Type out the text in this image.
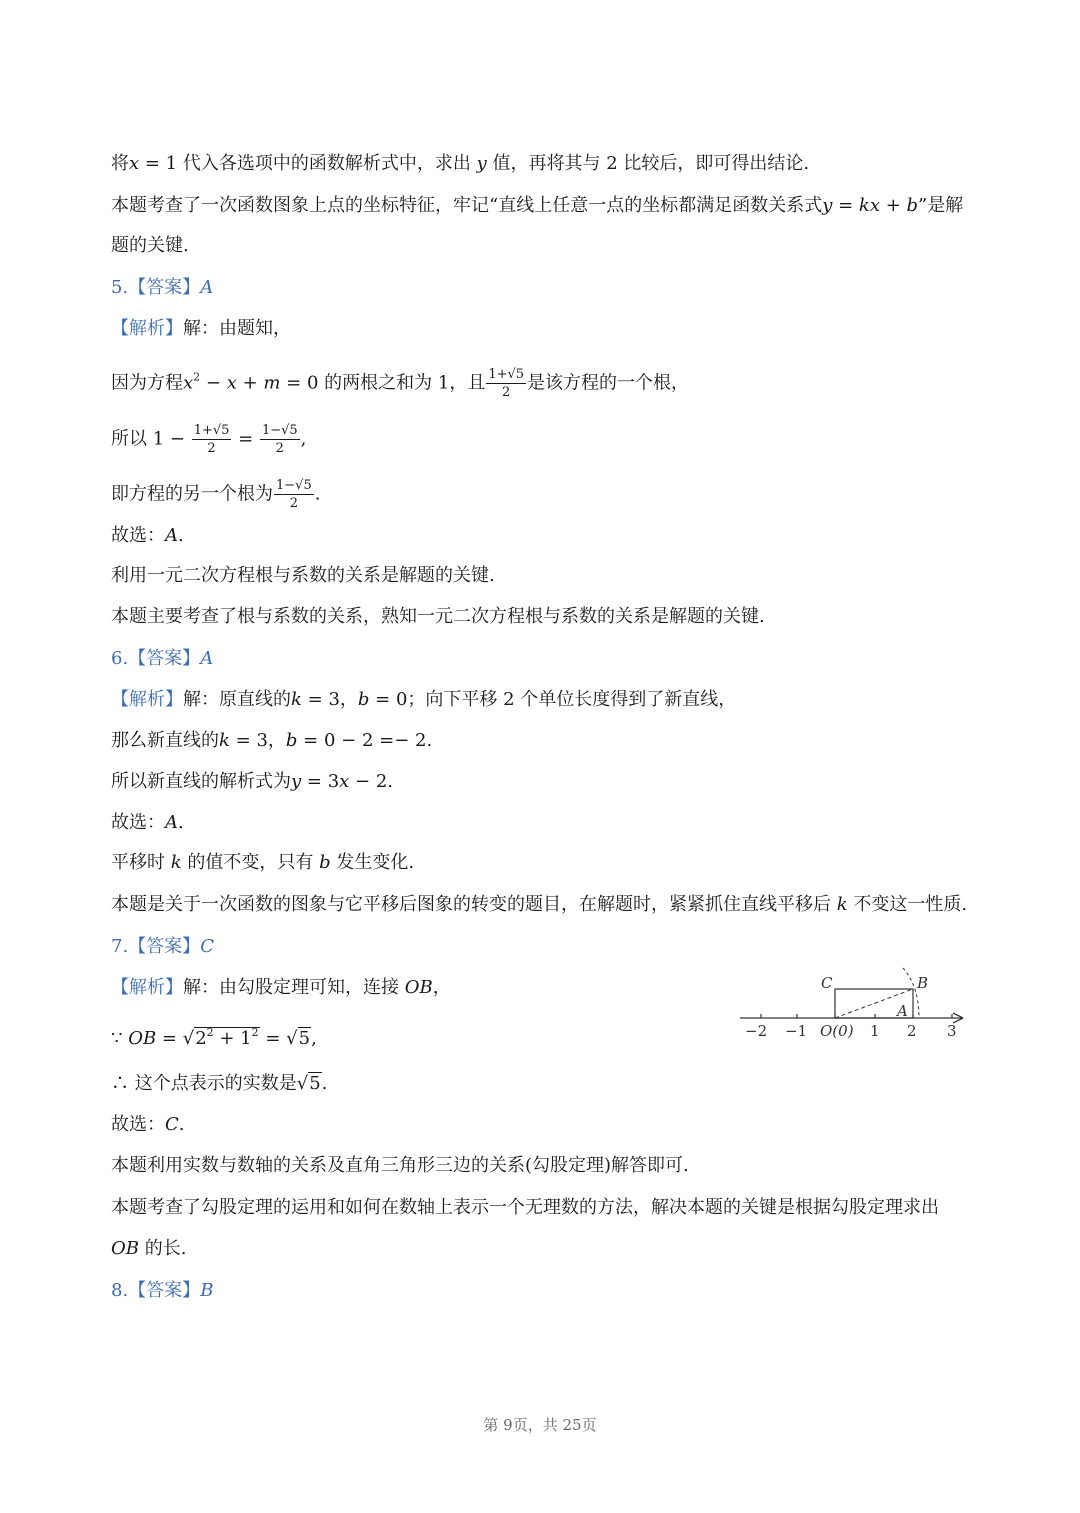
将x = 1 代入各选项中的函数解析式中，求出 y 值，再将其与 2 比较后，即可得出结论.
本题考查了一次函数图象上点的坐标特征，牢记“直线上任意一点的坐标都满足函数关系式y = kx + b”是解
题的关键.
5.【答案】A
【解析】解：由题知，
因为方程$x^2 - x + m = 0$ 的两根之和为 1，且 $\frac{1+√5}{2}$ 是该方程的一个根，
所以 $1 - \frac{1+√5}{2} = \frac{1-√5}{2}$ ,
即方程的另一个根为 $\frac{1-√5}{2}$ .
故选：A.
利用一元二次方程根与系数的关系是解题的关键.
本题主要考查了根与系数的关系，熟知一元二次方程根与系数的关系是解题的关键.
6.【答案】A
【解析】解：原直线的k = 3，b = 0；向下平移 2 个单位长度得到了新直线，
那么新直线的k = 3，b = 0 − 2 =− 2.
所以新直线的解析式为y = 3x − 2.
故选：A.
平移时 k 的值不变，只有 b 发生变化.
本题是关于一次函数的图象与它平移后图象的转变的题目，在解题时，紧紧抓住直线平移后 k 不变这一性质.
7.【答案】C
【解析】解：由勾股定理可知，连接 OB，
∵ OB = $√2^2 + 1^2 = √5$,
∴ 这个点表示的实数是√5.
故选：C.
本题利用实数与数轴的关系及直角三角形三边的关系(勾股定理)解答即可.
本题考查了勾股定理的运用和如何在数轴上表示一个无理数的方法，解决本题的关键是根据勾股定理求出
OB 的长.
C	B
A
−2 −1 O(0) 1 2 3
8.【答案】B
第 9页，共 25页
